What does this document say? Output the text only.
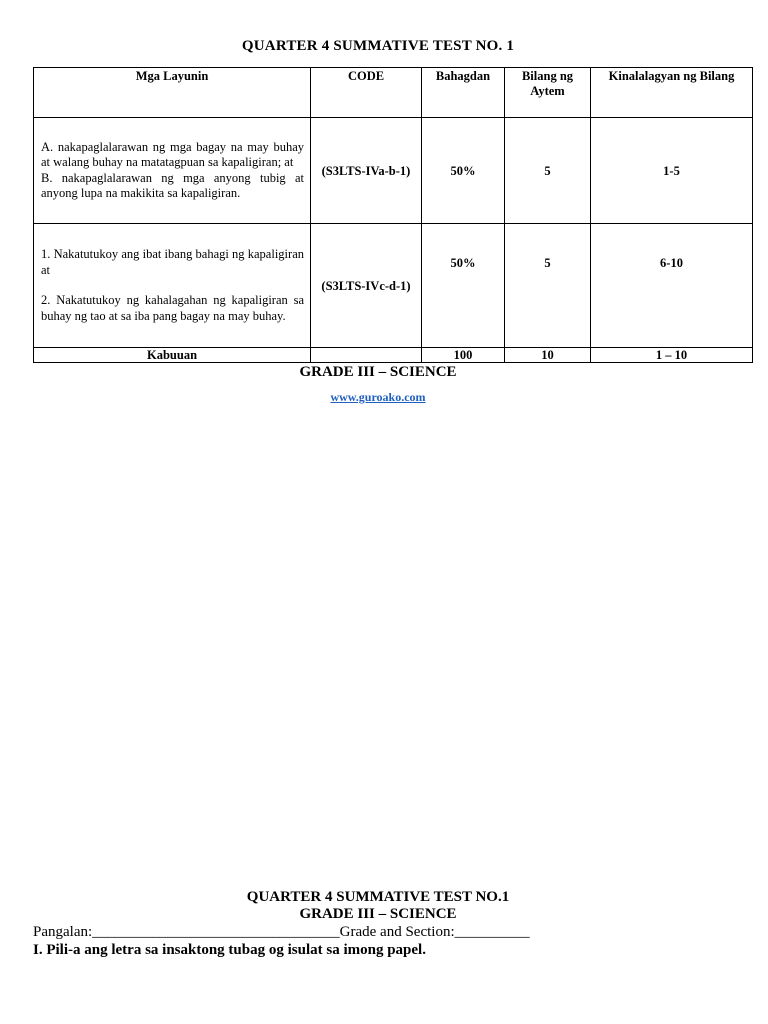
QUARTER 4 SUMMATIVE TEST NO. 1
Mga Layunin	CODE	Bahagdan	Bilang ng Aytem	Kinalalagyan ng Bilang

A. nakapaglalarawan ng mga bagay na may buhay at walang buhay na matatagpuan sa kapaligiran; at

B. nakapaglalarawan ng mga anyong tubig at anyong lupa na makikita sa kapaligiran.	(S3LTS-IVa-b-1)	50%	5	1-5

1. Nakatutukoy ang ibat ibang bahagi ng kapaligiran at

2. Nakatutukoy ng kahalagahan ng kapaligiran sa buhay ng tao at sa iba pang bagay na may buhay.	(S3LTS-IVc-d-1)	50%	5	6-10
Kabuuan		100	10	1 – 10
GRADE III – SCIENCE
www.guroako.com
QUARTER 4 SUMMATIVE TEST NO.1
GRADE III – SCIENCE
Pangalan:_________________________________Grade and Section:__________
I. Pili-a ang letra sa insaktong tubag og isulat sa imong papel.
